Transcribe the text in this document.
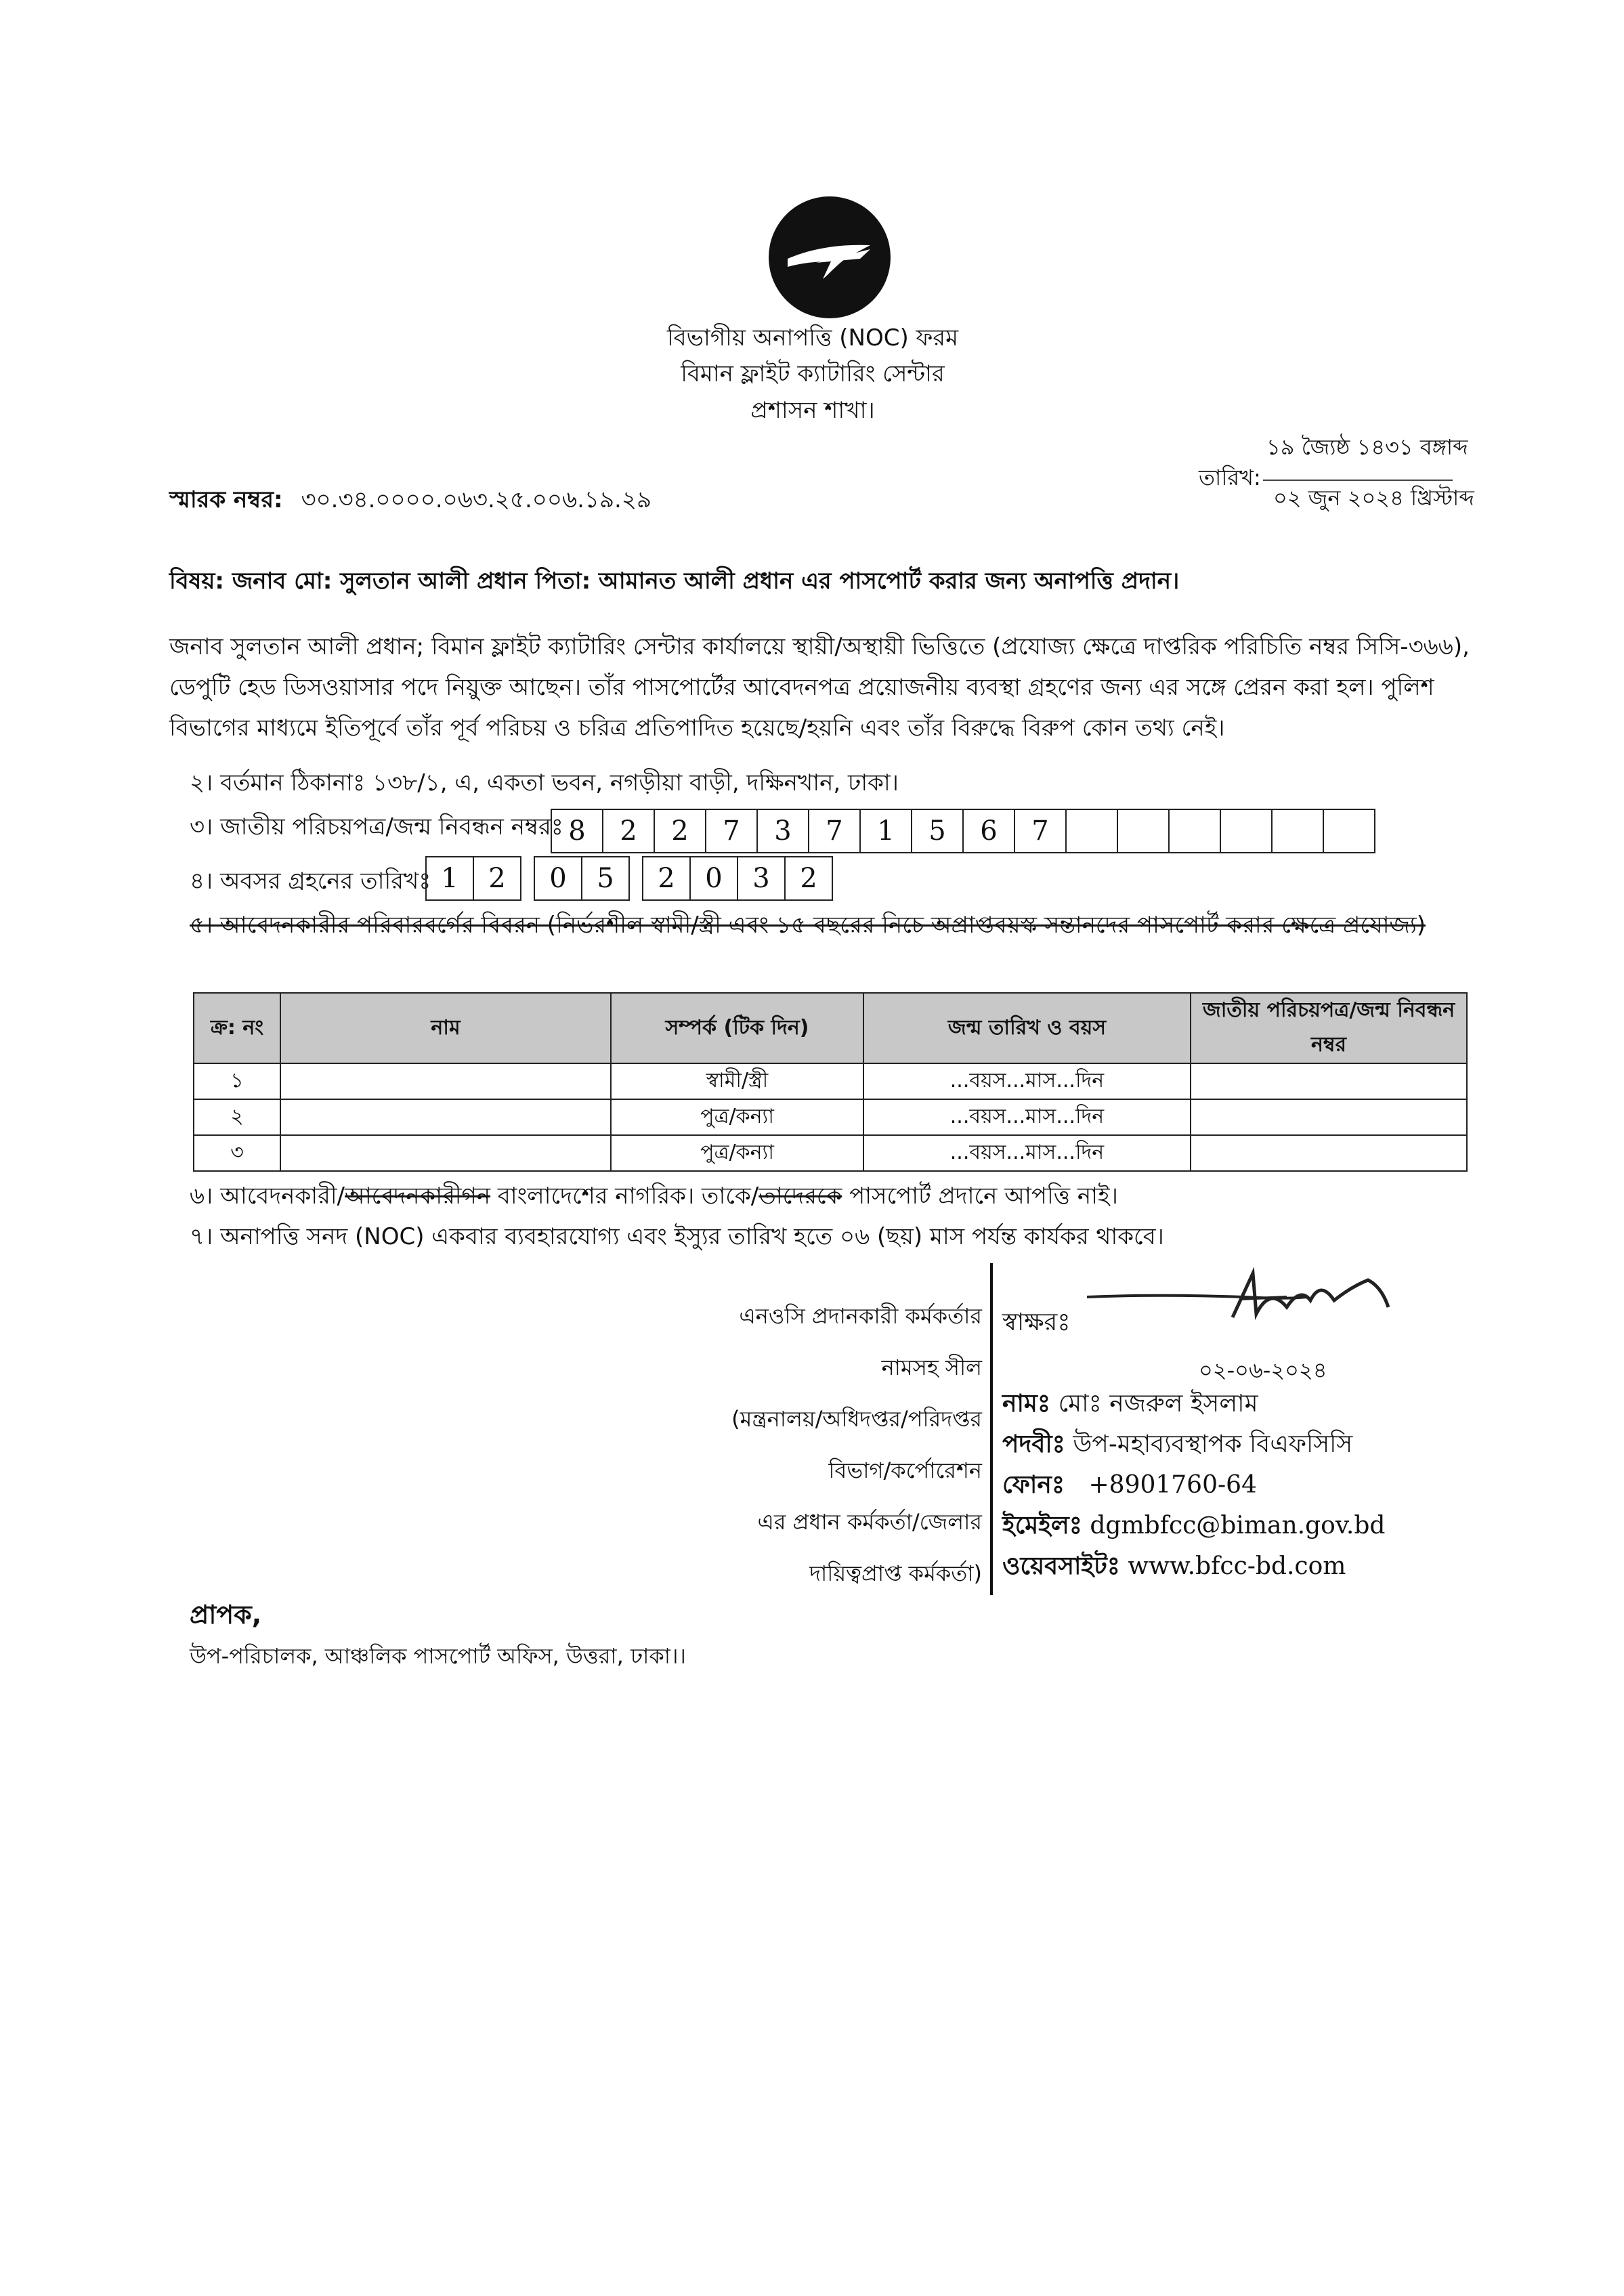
বিভাগীয় অনাপত্তি (NOC) ফরম
বিমান ফ্লাইট ক্যাটারিং সেন্টার
প্রশাসন শাখা।
১৯ জ্যৈষ্ঠ ১৪৩১ বঙ্গাব্দ
তারিখ:
০২ জুন ২০২৪ খ্রিস্টাব্দ
স্মারক নম্বর: ৩০.৩৪.০০০০.০৬৩.২৫.০০৬.১৯.২৯
বিষয়: জনাব মো: সুলতান আলী প্রধান পিতা: আমানত আলী প্রধান এর পাসপোর্ট করার জন্য অনাপত্তি প্রদান।
জনাব সুলতান আলী প্রধান; বিমান ফ্লাইট ক্যাটারিং সেন্টার কার্যালয়ে স্থায়ী/অস্থায়ী ভিত্তিতে (প্রযোজ্য ক্ষেত্রে দাপ্তরিক পরিচিতি নম্বর সিসি-৩৬৬),
ডেপুটি হেড ডিসওয়াসার পদে নিয়ুক্ত আছেন। তাঁর পাসপোর্টের আবেদনপত্র প্রয়োজনীয় ব্যবস্থা গ্রহণের জন্য এর সঙ্গে প্রেরন করা হল। পুলিশ
বিভাগের মাধ্যমে ইতিপূর্বে তাঁর পূর্ব পরিচয় ও চরিত্র প্রতিপাদিত হয়েছে/হয়নি এবং তাঁর বিরুদ্ধে বিরুপ কোন তথ্য নেই।
২। বর্তমান ঠিকানাঃ ১৩৮/১, এ, একতা ভবন, নগড়ীয়া বাড়ী, দক্ষিনখান, ঢাকা।
৩। জাতীয় পরিচয়পত্র/জন্ম নিবন্ধন নম্বরঃ 8	2	2	7	3	7	1	5	6	7
৪। অবসর গ্রহনের তারিখঃ 1	2	0	5	2	0	3	2
৫। আবেদনকারীর পরিবারবর্গের বিবরন (নির্ভরশীল স্বামী/স্ত্রী এবং ১৫ বছরের নিচে অপ্রাপ্তবয়স্ক সন্তানদের পাসপোর্ট করার ক্ষেত্রে প্রযোজ্য)
ক্র: নং	নাম	সম্পর্ক (টিক দিন)	জন্ম তারিখ ও বয়স	জাতীয় পরিচয়পত্র/জন্ম নিবন্ধন নম্বর
১		স্বামী/স্ত্রী	...বয়স...মাস...দিন	
২		পুত্র/কন্যা	...বয়স...মাস...দিন	
৩		পুত্র/কন্যা	...বয়স...মাস...দিন	
৬। আবেদনকারী/আবেদনকারীগন বাংলাদেশের নাগরিক। তাকে/তাদেরকে পাসপোর্ট প্রদানে আপত্তি নাই।
৭। অনাপত্তি সনদ (NOC) একবার ব্যবহারযোগ্য এবং ইস্যুর তারিখ হতে ০৬ (ছয়) মাস পর্যন্ত কার্যকর থাকবে।
এনওসি প্রদানকারী কর্মকর্তার
নামসহ সীল
(মন্ত্রনালয়/অধিদপ্তর/পরিদপ্তর
বিভাগ/কর্পোরেশন
এর প্রধান কর্মকর্তা/জেলার
দায়িত্বপ্রাপ্ত কর্মকর্তা)
স্বাক্ষরঃ
০২-০৬-২০২৪
নামঃ মোঃ নজরুল ইসলাম
পদবীঃ উপ-মহাব্যবস্থাপক বিএফসিসি
ফোনঃ +8901760-64
ইমেইলঃ dgmbfcc@biman.gov.bd
ওয়েবসাইটঃ www.bfcc-bd.com
প্রাপক,
উপ-পরিচালক, আঞ্চলিক পাসপোর্ট অফিস, উত্তরা, ঢাকা।।
